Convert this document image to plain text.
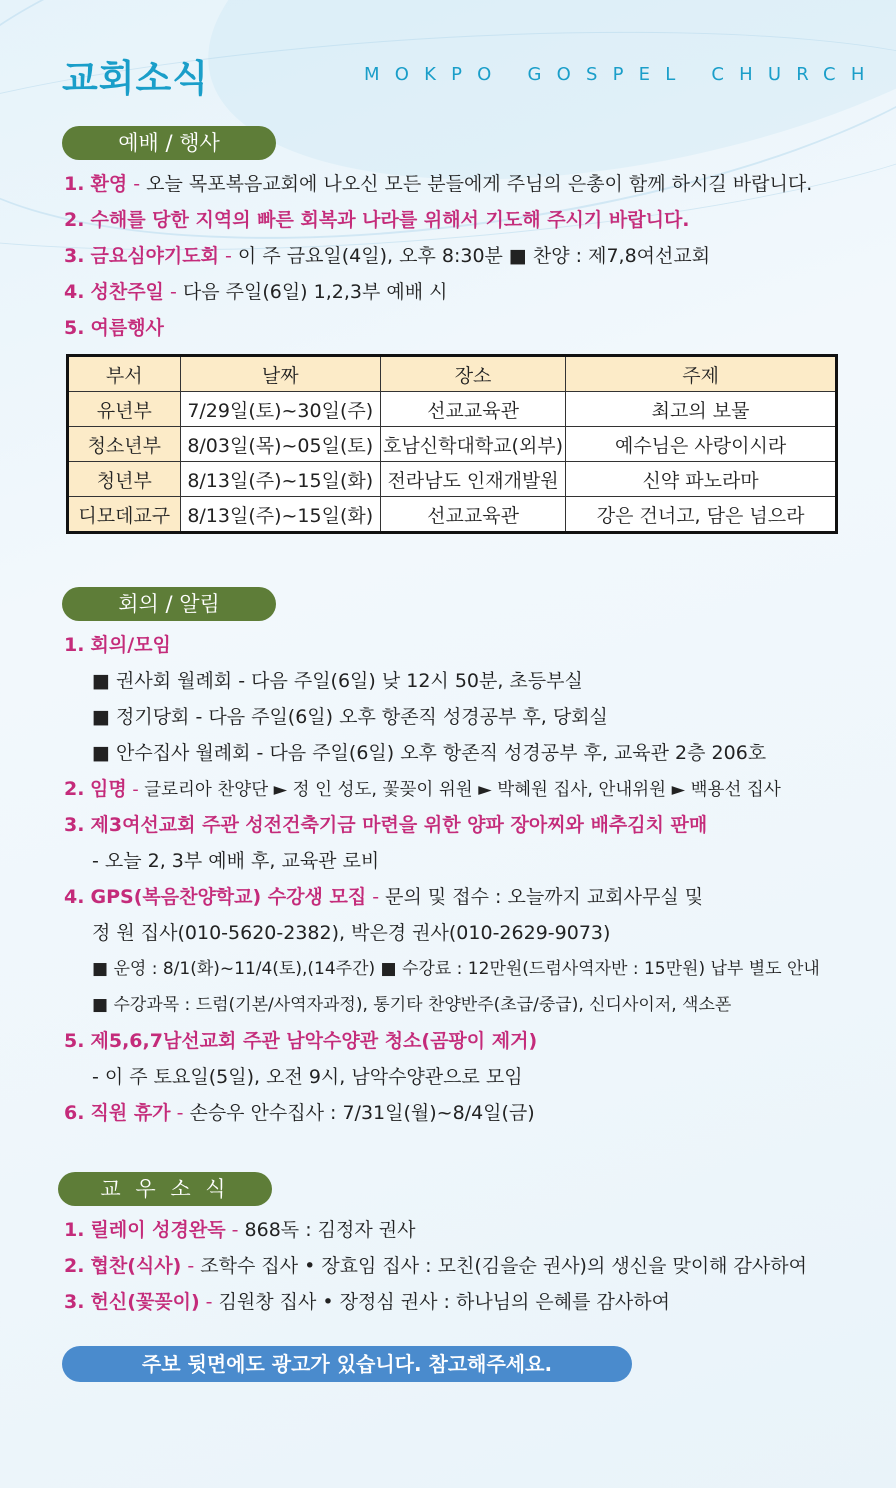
교회소식	MOKPO GOSPEL CHURCH
예배 / 행사
1. 환영 - 오늘 목포복음교회에 나오신 모든 분들에게 주님의 은총이 함께 하시길 바랍니다.
2. 수해를 당한 지역의 빠른 회복과 나라를 위해서 기도해 주시기 바랍니다.
3. 금요심야기도회 - 이 주 금요일(4일), 오후 8:30분 ■ 찬양 : 제7,8여선교회
4. 성찬주일 - 다음 주일(6일) 1,2,3부 예배 시
5. 여름행사
부서	날짜	장소	주제
유년부	7/29일(토)~30일(주)	선교교육관	최고의 보물
청소년부	8/03일(목)~05일(토)	호남신학대학교(외부)	예수님은 사랑이시라
청년부	8/13일(주)~15일(화)	전라남도 인재개발원	신약 파노라마
디모데교구	8/13일(주)~15일(화)	선교교육관	강은 건너고, 담은 넘으라
회의 / 알림
1. 회의/모임
■ 권사회 월례회 - 다음 주일(6일) 낮 12시 50분, 초등부실
■ 정기당회 - 다음 주일(6일) 오후 항존직 성경공부 후, 당회실
■ 안수집사 월례회 - 다음 주일(6일) 오후 항존직 성경공부 후, 교육관 2층 206호
2. 임명 - 글로리아 찬양단 ► 정 인 성도, 꽃꽂이 위원 ► 박혜원 집사, 안내위원 ► 백용선 집사
3. 제3여선교회 주관 성전건축기금 마련을 위한 양파 장아찌와 배추김치 판매
- 오늘 2, 3부 예배 후, 교육관 로비
4. GPS(복음찬양학교) 수강생 모집 - 문의 및 접수 : 오늘까지 교회사무실 및
정 원 집사(010-5620-2382), 박은경 권사(010-2629-9073)
■ 운영 : 8/1(화)~11/4(토),(14주간) ■ 수강료 : 12만원(드럼사역자반 : 15만원) 납부 별도 안내
■ 수강과목 : 드럼(기본/사역자과정), 통기타 찬양반주(초급/중급), 신디사이저, 색소폰
5. 제5,6,7남선교회 주관 남악수양관 청소(곰팡이 제거)
- 이 주 토요일(5일), 오전 9시, 남악수양관으로 모임
6. 직원 휴가 - 손승우 안수집사 : 7/31일(월)~8/4일(금)
교 우 소 식
1. 릴레이 성경완독 - 868독 : 김정자 권사
2. 협찬(식사) - 조학수 집사 • 장효임 집사 : 모친(김을순 권사)의 생신을 맞이해 감사하여
3. 헌신(꽃꽂이) - 김원창 집사 • 장정심 권사 : 하나님의 은혜를 감사하여
주보 뒷면에도 광고가 있습니다. 참고해주세요.
